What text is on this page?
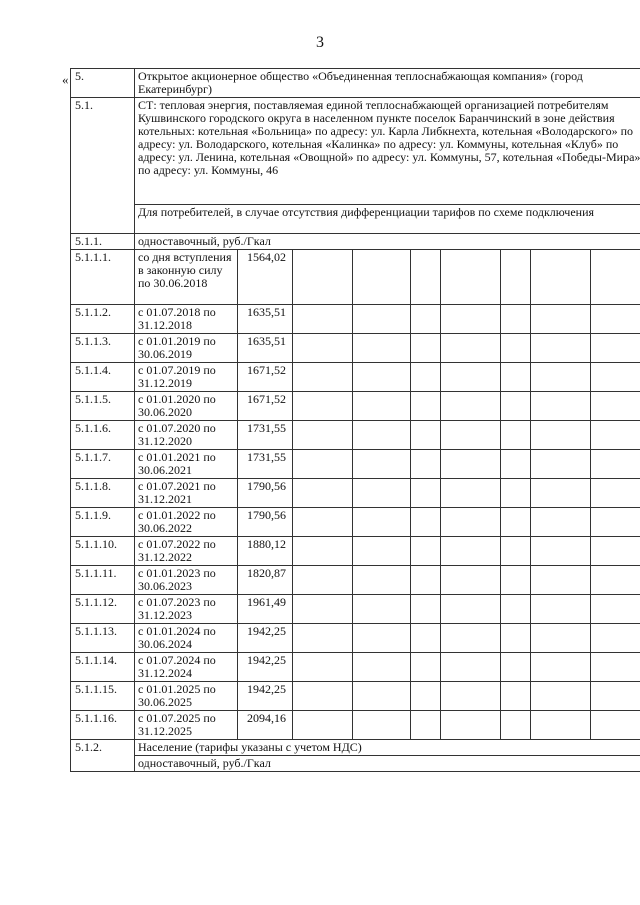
3
« 5.	Открытое акционерное общество «Объединенная теплоснабжающая компания» (город Екатеринбург)								
5.1.	СТ: тепловая энергия, поставляемая единой теплоснабжающей организацией потребителям Кушвинского городского округа в населенном пункте поселок Баранчинский в зоне действия котельных: котельная «Больница» по адресу: ул. Карла Либкнехта, котельная «Володарского» по адресу: ул. Володарского, котельная «Калинка» по адресу: ул. Коммуны, котельная «Клуб» по адресу: ул. Ленина, котельная «Овощной» по адресу: ул. Коммуны, 57, котельная «Победы-Мира» по адресу: ул. Коммуны, 46								
	Для потребителей, в случае отсутствия дифференциации тарифов по схеме подключения								
5.1.1.	одноставочный, руб./Гкал								
5.1.1.1.	со дня вступления в законную силу по 30.06.2018	1564,02							
5.1.1.2.	с 01.07.2018 по 31.12.2018	1635,51							
5.1.1.3.	с 01.01.2019 по 30.06.2019	1635,51							
5.1.1.4.	с 01.07.2019 по 31.12.2019	1671,52							
5.1.1.5.	с 01.01.2020 по 30.06.2020	1671,52							
5.1.1.6.	с 01.07.2020 по 31.12.2020	1731,55							
5.1.1.7.	с 01.01.2021 по 30.06.2021	1731,55							
5.1.1.8.	с 01.07.2021 по 31.12.2021	1790,56							
5.1.1.9.	с 01.01.2022 по 30.06.2022	1790,56							
5.1.1.10.	с 01.07.2022 по 31.12.2022	1880,12							
5.1.1.11.	с 01.01.2023 по 30.06.2023	1820,87							
5.1.1.12.	с 01.07.2023 по 31.12.2023	1961,49							
5.1.1.13.	с 01.01.2024 по 30.06.2024	1942,25							
5.1.1.14.	с 01.07.2024 по 31.12.2024	1942,25							
5.1.1.15.	с 01.01.2025 по 30.06.2025	1942,25							
5.1.1.16.	с 01.07.2025 по 31.12.2025	2094,16							
5.1.2.	Население (тарифы указаны с учетом НДС)								
	одноставочный, руб./Гкал								
